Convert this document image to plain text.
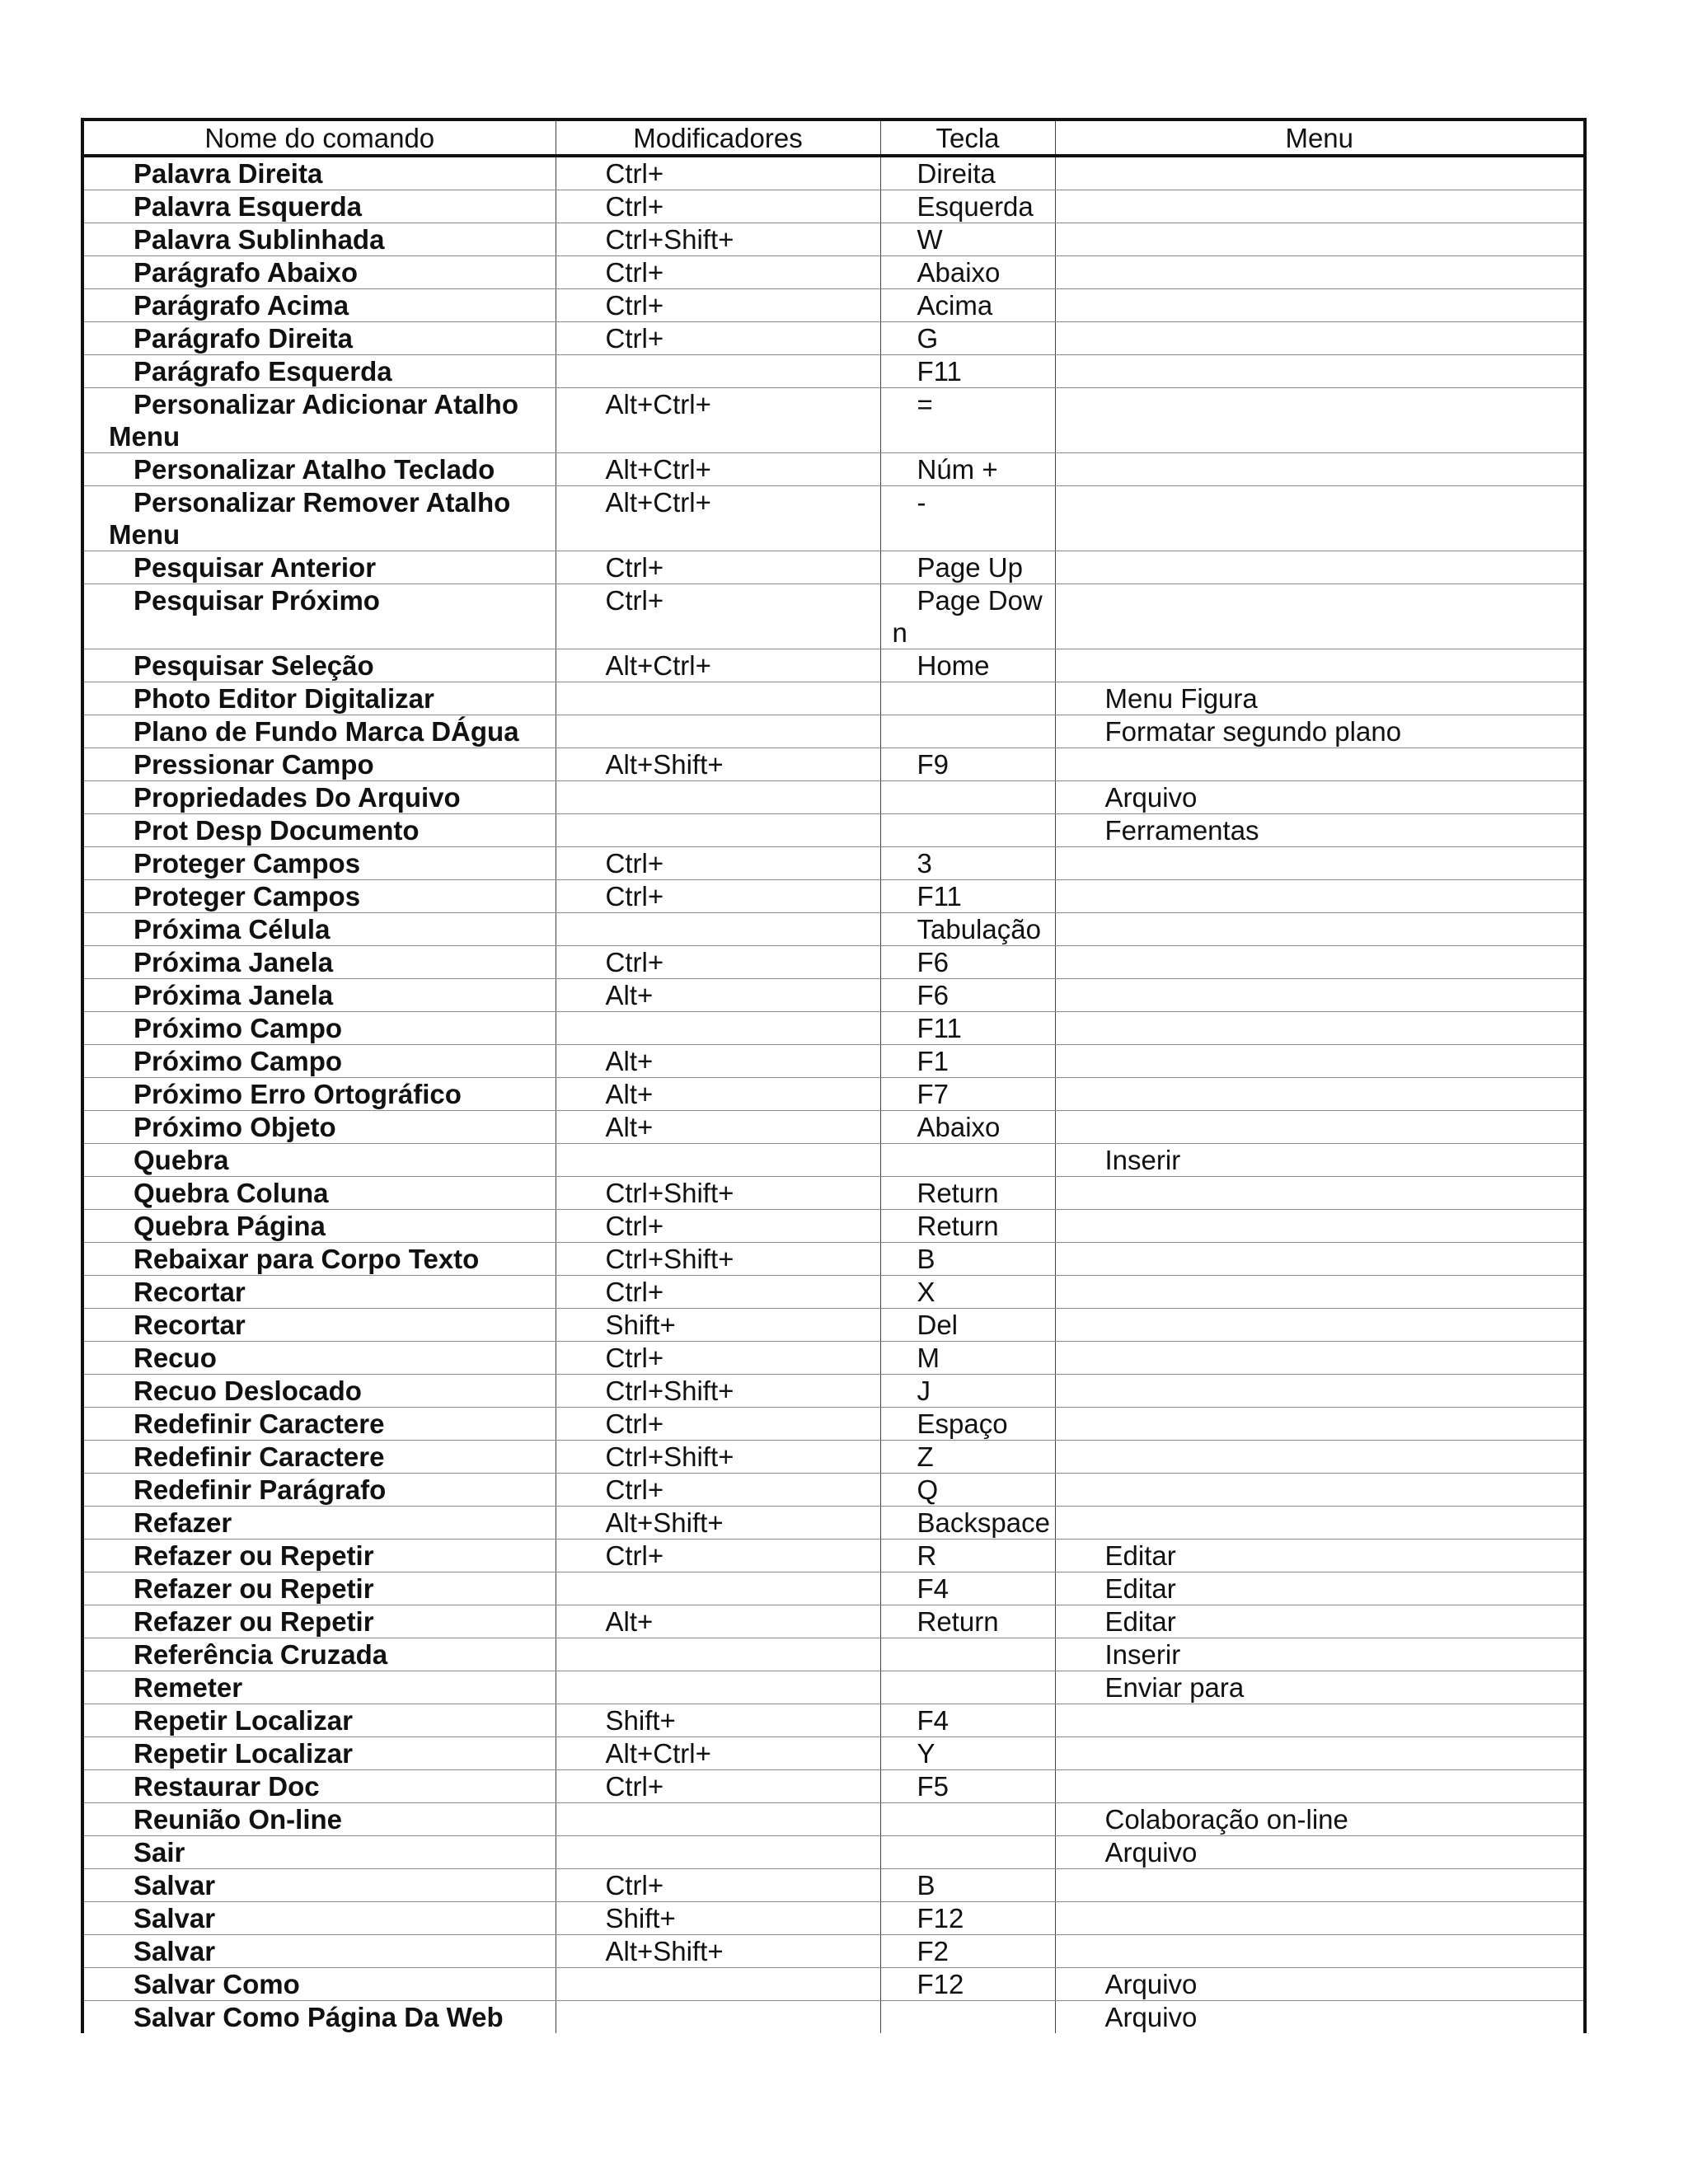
Nome do comando	Modificadores	Tecla	Menu
Palavra Direita	Ctrl+	Direita	
Palavra Esquerda	Ctrl+	Esquerda	
Palavra Sublinhada	Ctrl+Shift+	W	
Parágrafo Abaixo	Ctrl+	Abaixo	
Parágrafo Acima	Ctrl+	Acima	
Parágrafo Direita	Ctrl+	G	
Parágrafo Esquerda		F11	
Personalizar Adicionar Atalho Menu	Alt+Ctrl+	=	
Personalizar Atalho Teclado	Alt+Ctrl+	Núm +	
Personalizar Remover Atalho Menu	Alt+Ctrl+	-	
Pesquisar Anterior	Ctrl+	Page Up	
Pesquisar Próximo	Ctrl+	Page Down	
Pesquisar Seleção	Alt+Ctrl+	Home	
Photo Editor Digitalizar			Menu Figura
Plano de Fundo Marca DÁgua			Formatar segundo plano
Pressionar Campo	Alt+Shift+	F9	
Propriedades Do Arquivo			Arquivo
Prot Desp Documento			Ferramentas
Proteger Campos	Ctrl+	3	
Proteger Campos	Ctrl+	F11	
Próxima Célula		Tabulação	
Próxima Janela	Ctrl+	F6	
Próxima Janela	Alt+	F6	
Próximo Campo		F11	
Próximo Campo	Alt+	F1	
Próximo Erro Ortográfico	Alt+	F7	
Próximo Objeto	Alt+	Abaixo	
Quebra			Inserir
Quebra Coluna	Ctrl+Shift+	Return	
Quebra Página	Ctrl+	Return	
Rebaixar para Corpo Texto	Ctrl+Shift+	B	
Recortar	Ctrl+	X	
Recortar	Shift+	Del	
Recuo	Ctrl+	M	
Recuo Deslocado	Ctrl+Shift+	J	
Redefinir Caractere	Ctrl+	Espaço	
Redefinir Caractere	Ctrl+Shift+	Z	
Redefinir Parágrafo	Ctrl+	Q	
Refazer	Alt+Shift+	Backspace	
Refazer ou Repetir	Ctrl+	R	Editar
Refazer ou Repetir		F4	Editar
Refazer ou Repetir	Alt+	Return	Editar
Referência Cruzada			Inserir
Remeter			Enviar para
Repetir Localizar	Shift+	F4	
Repetir Localizar	Alt+Ctrl+	Y	
Restaurar Doc	Ctrl+	F5	
Reunião On-line			Colaboração on-line
Sair			Arquivo
Salvar	Ctrl+	B	
Salvar	Shift+	F12	
Salvar	Alt+Shift+	F2	
Salvar Como		F12	Arquivo
Salvar Como Página Da Web			Arquivo
